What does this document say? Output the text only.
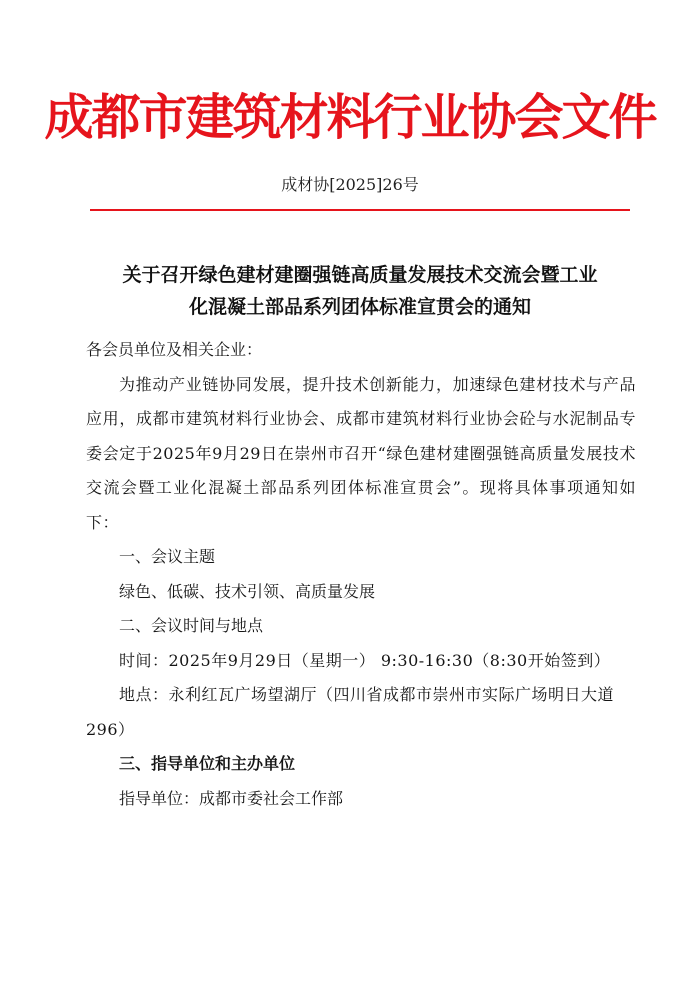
成都市建筑材料行业协会文件
成材协[2025]26号
关于召开绿色建材建圈强链高质量发展技术交流会暨工业
化混凝土部品系列团体标准宣贯会的通知

各会员单位及相关企业：

为推动产业链协同发展，提升技术创新能力，加速绿色建材技术与产品应用，成都市建筑材料行业协会、成都市建筑材料行业协会砼与水泥制品专委会定于2025年9月29日在崇州市召开“绿色建材建圈强链高质量发展技术交流会暨工业化混凝土部品系列团体标准宣贯会”。现将具体事项通知如下：

一、会议主题

绿色、低碳、技术引领、高质量发展

二、会议时间与地点

时间：2025年9月29日（星期一） 9:30-16:30（8:30开始签到）

地点：永利红瓦广场望湖厅（四川省成都市崇州市实际广场明日大道296）

三、指导单位和主办单位

指导单位：成都市委社会工作部
